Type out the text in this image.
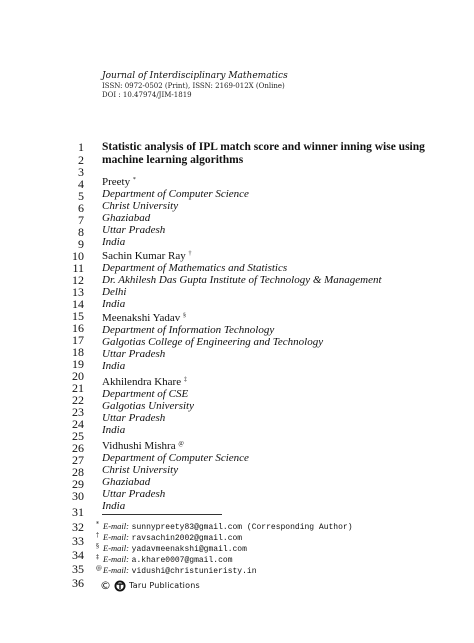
Journal of Interdisciplinary Mathematics
ISSN: 0972-0502 (Print), ISSN: 2169-012X (Online)
DOI : 10.47974/JIM-1819
1
2
3
4
5
6
7
8
9
10
11
12
13
14
15
16
17
18
19
20
21
22
23
24
25
26
27
28
29
30
31
32
33
34
35
36
Statistic analysis of IPL match score and winner inning wise using
machine learning algorithms
Preety *
Department of Computer Science
Christ University
Ghaziabad
Uttar Pradesh
India
Sachin Kumar Ray †
Department of Mathematics and Statistics
Dr. Akhilesh Das Gupta Institute of Technology & Management
Delhi
India
Meenakshi Yadav §
Department of Information Technology
Galgotias College of Engineering and Technology
Uttar Pradesh
India
Akhilendra Khare ‡
Department of CSE
Galgotias University
Uttar Pradesh
India
Vidhushi Mishra @
Department of Computer Science
Christ University
Ghaziabad
Uttar Pradesh
India
* E-mail: sunnypreety83@gmail.com (Corresponding Author)
† E-mail: ravsachin2002@gmail.com
§ E-mail: yadavmeenakshi@gmail.com
‡ E-mail: a.khare0007@gmail.com
@E-mail: vidushi@christunieristy.in
© Taru Publications
